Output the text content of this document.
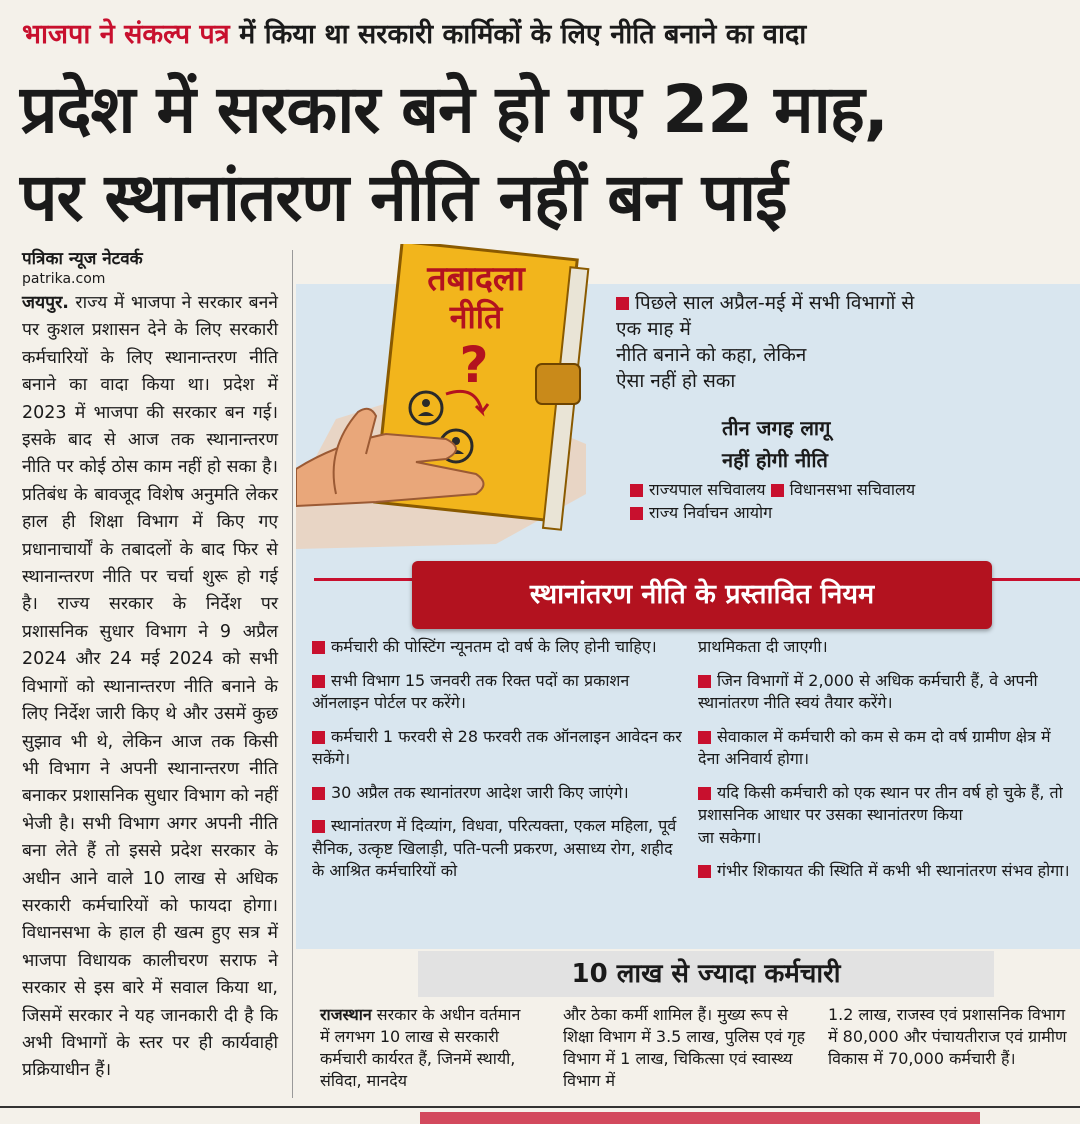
भाजपा ने संकल्प पत्र में किया था सरकारी कार्मिकों के लिए नीति बनाने का वादा
प्रदेश में सरकार बने हो गए 22 माह,
पर स्थानांतरण नीति नहीं बन पाई
पत्रिका न्यूज नेटवर्क
patrika.com
जयपुर. राज्य में भाजपा ने सरकार बनने पर कुशल प्रशासन देने के लिए सरकारी कर्मचारियों के लिए स्थानान्तरण नीति बनाने का वादा किया था। प्रदेश में 2023 में भाजपा की सरकार बन गई। इसके बाद से आज तक स्थानान्तरण नीति पर कोई ठोस काम नहीं हो सका है। प्रतिबंध के बावजूद विशेष अनुमति लेकर हाल ही शिक्षा विभाग में किए गए प्रधानाचार्यों के तबादलों के बाद फिर से स्थानान्तरण नीति पर चर्चा शुरू हो गई है। राज्य सरकार के निर्देश पर प्रशासनिक सुधार विभाग ने 9 अप्रैल 2024 और 24 मई 2024 को सभी विभागों को स्थानान्तरण नीति बनाने के लिए निर्देश जारी किए थे और उसमें कुछ सुझाव भी थे, लेकिन आज तक किसी भी विभाग ने अपनी स्थानान्तरण नीति बनाकर प्रशासनिक सुधार विभाग को नहीं भेजी है। सभी विभाग अगर अपनी नीति बना लेते हैं तो इससे प्रदेश सरकार के अधीन आने वाले 10 लाख से अधिक सरकारी कर्मचारियों को फायदा होगा। विधानसभा के हाल ही खत्म हुए सत्र में भाजपा विधायक कालीचरण सराफ ने सरकार से इस बारे में सवाल किया था, जिसमें सरकार ने यह जानकारी दी है कि अभी विभागों के स्तर पर ही कार्यवाही प्रक्रियाधीन हैं।
तबादला
नीति
?
पिछले साल अप्रैल-मई में सभी विभागों से
एक माह में
नीति बनाने को कहा, लेकिन
ऐसा नहीं हो सका
तीन जगह लागू
नहीं होगी नीति
राज्यपाल सचिवालय विधानसभा सचिवालय
राज्य निर्वाचन आयोग
स्थानांतरण नीति के प्रस्तावित नियम

कर्मचारी की पोस्टिंग न्यूनतम दो वर्ष के लिए होनी चाहिए।

सभी विभाग 15 जनवरी तक रिक्त पदों का प्रकाशन ऑनलाइन पोर्टल पर करेंगे।

कर्मचारी 1 फरवरी से 28 फरवरी तक ऑनलाइन आवेदन कर सकेंगे।

30 अप्रैल तक स्थानांतरण आदेश जारी किए जाएंगे।

स्थानांतरण में दिव्यांग, विधवा, परित्यक्ता, एकल महिला, पूर्व सैनिक, उत्कृष्ट खिलाड़ी, पति-पत्नी प्रकरण, असाध्य रोग, शहीद के आश्रित कर्मचारियों को

प्राथमिकता दी जाएगी।

जिन विभागों में 2,000 से अधिक कर्मचारी हैं, वे अपनी स्थानांतरण नीति स्वयं तैयार करेंगे।

सेवाकाल में कर्मचारी को कम से कम दो वर्ष ग्रामीण क्षेत्र में देना अनिवार्य होगा।

यदि किसी कर्मचारी को एक स्थान पर तीन वर्ष हो चुके हैं, तो प्रशासनिक आधार पर उसका स्थानांतरण किया
जा सकेगा।

गंभीर शिकायत की स्थिति में कभी भी स्थानांतरण संभव होगा।

10 लाख से ज्यादा कर्मचारी
राजस्थान सरकार के अधीन वर्तमान में लगभग 10 लाख से सरकारी कर्मचारी कार्यरत हैं, जिनमें स्थायी, संविदा, मानदेय
और ठेका कर्मी शामिल हैं। मुख्य रूप से शिक्षा विभाग में 3.5 लाख, पुलिस एवं गृह विभाग में 1 लाख, चिकित्सा एवं स्वास्थ्य विभाग में
1.2 लाख, राजस्व एवं प्रशासनिक विभाग में 80,000 और पंचायतीराज एवं ग्रामीण विकास में 70,000 कर्मचारी हैं।
